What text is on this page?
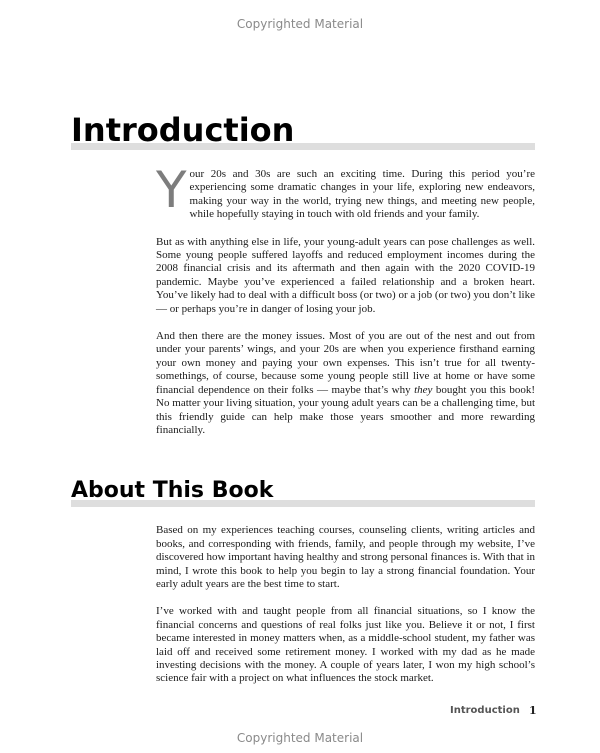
Copyrighted Material
Introduction

Your 20s and 30s are such an exciting time. During this period you’re experiencing some dramatic changes in your life, exploring new endeavors, making your way in the world, trying new things, and meeting new people, while hopefully staying in touch with old friends and your family.

But as with anything else in life, your young-adult years can pose challenges as well. Some young people suffered layoffs and reduced employment incomes during the 2008 financial crisis and its aftermath and then again with the 2020 COVID-19 pandemic. Maybe you’ve experienced a failed relationship and a broken heart. You’ve likely had to deal with a difficult boss (or two) or a job (or two) you don’t like — or perhaps you’re in danger of losing your job.

And then there are the money issues. Most of you are out of the nest and out from under your parents’ wings, and your 20s are when you experience firsthand earning your own money and paying your own expenses. This isn’t true for all twenty-somethings, of course, because some young people still live at home or have some financial dependence on their folks — maybe that’s why they bought you this book! No matter your living situation, your young adult years can be a challenging time, but this friendly guide can help make those years smoother and more rewarding financially.

About This Book

Based on my experiences teaching courses, counseling clients, writing articles and books, and corresponding with friends, family, and people through my website, I’ve discovered how important having healthy and strong personal finances is. With that in mind, I wrote this book to help you begin to lay a strong financial foundation. Your early adult years are the best time to start.

I’ve worked with and taught people from all financial situations, so I know the financial concerns and questions of real folks just like you. Believe it or not, I first became interested in money matters when, as a middle-school student, my father was laid off and received some retirement money. I worked with my dad as he made investing decisions with the money. A couple of years later, I won my high school’s science fair with a project on what influences the stock market.

Introduction 1
Copyrighted Material
